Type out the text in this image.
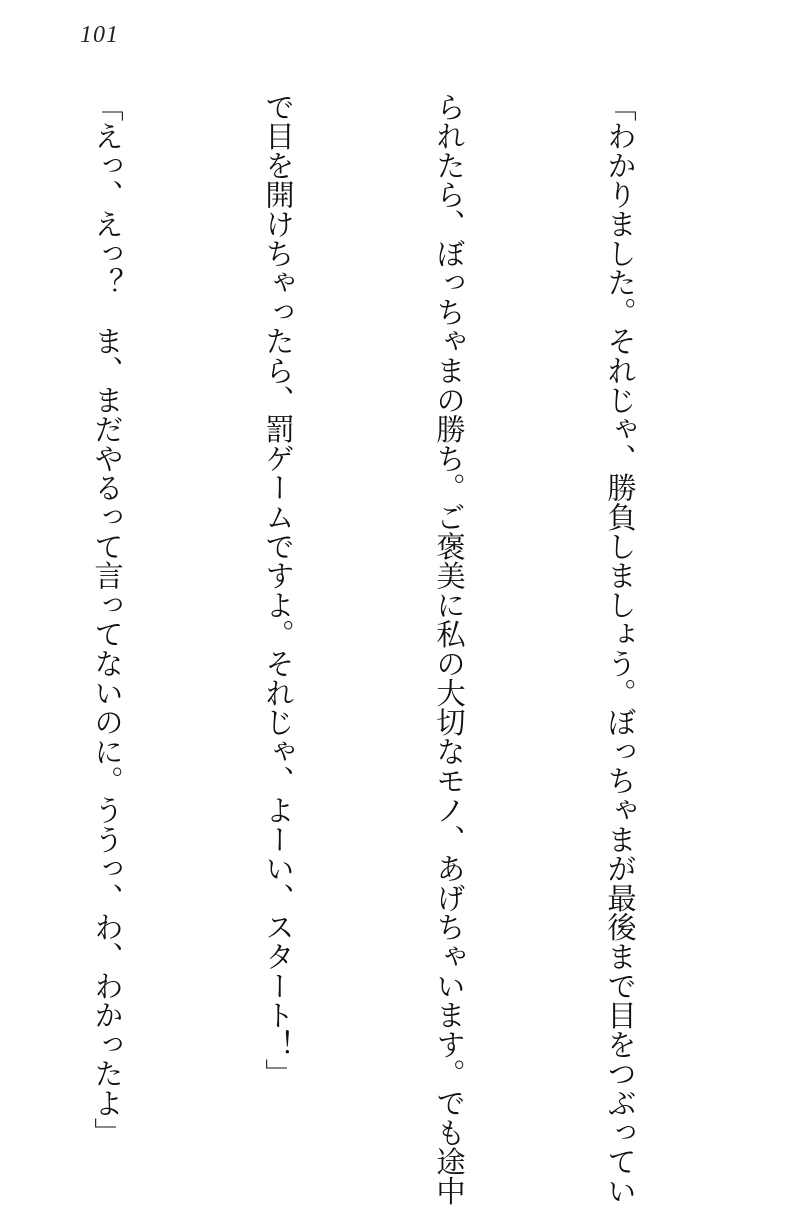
101

「わかりました。それじゃ、勝負しましょう。ぼっちゃまが最後まで目をつぶってい

られたら、ぼっちゃまの勝ち。ご褒美に私の大切なモノ、あげちゃいます。でも途中

で目を開けちゃったら、罰ゲームですよ。それじゃ、よーい、スタート！」

「えっ、えっ？　ま、まだやるって言ってないのに。ううっ、わ、わかったよ」
